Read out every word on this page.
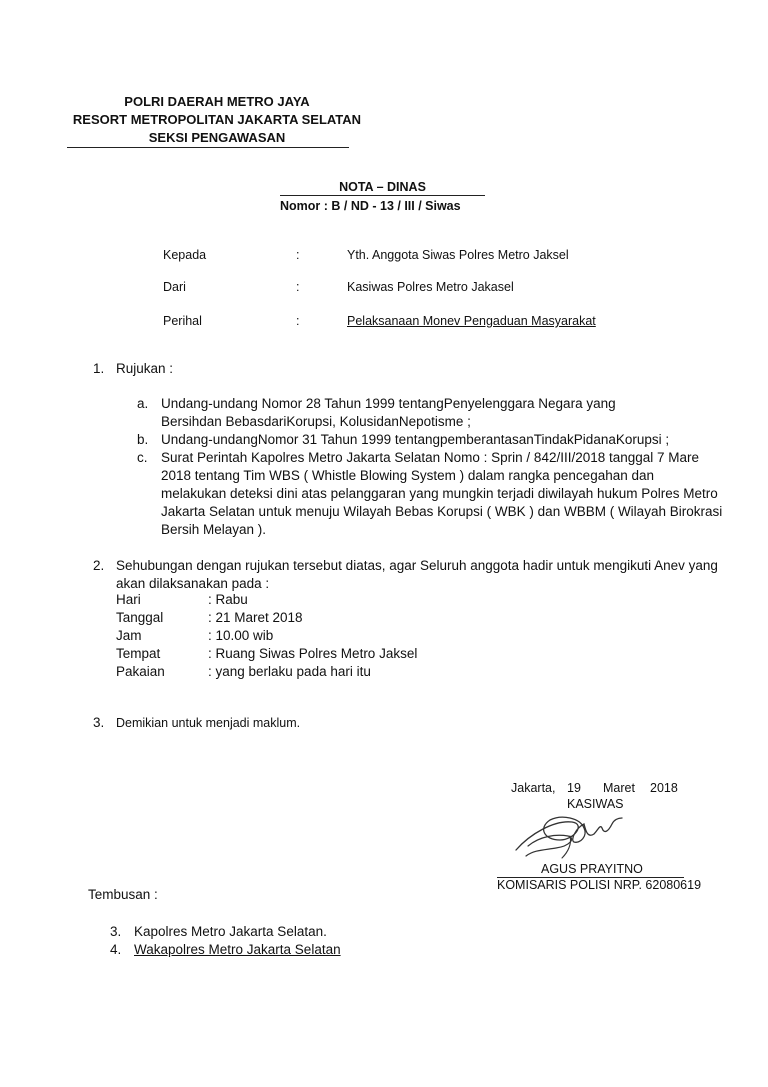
POLRI DAERAH METRO JAYA
RESORT METROPOLITAN JAKARTA SELATAN
SEKSI PENGAWASAN
NOTA – DINAS
Nomor : B / ND - 13 / III / Siwas
Kepada	:	Yth. Anggota Siwas Polres Metro Jaksel
Dari	:	Kasiwas Polres Metro Jakasel
Perihal	:	Pelaksanaan Monev Pengaduan Masyarakat
1. Rujukan :
a. Undang-undang Nomor 28 Tahun 1999 tentangPenyelenggara Negara yang
Bersihdan BebasdariKorupsi, KolusidanNepotisme ;
b. Undang-undangNomor 31 Tahun 1999 tentangpemberantasanTindakPidanaKorupsi ;
c. Surat Perintah Kapolres Metro Jakarta Selatan Nomo : Sprin / 842/III/2018 tanggal 7 Mare
2018 tentang Tim WBS ( Whistle Blowing System ) dalam rangka pencegahan dan
melakukan deteksi dini atas pelanggaran yang mungkin terjadi diwilayah hukum Polres Metro
Jakarta Selatan untuk menuju Wilayah Bebas Korupsi ( WBK ) dan WBBM ( Wilayah Birokrasi
Bersih Melayan ).
2. Sehubungan dengan rujukan tersebut diatas, agar Seluruh anggota hadir untuk mengikuti Anev yang
akan dilaksanakan pada :
Hari	: Rabu
Tanggal	: 21 Maret 2018
Jam	: 10.00 wib
Tempat	: Ruang Siwas Polres Metro Jaksel
Pakaian	: yang berlaku pada hari itu
3. Demikian untuk menjadi maklum.
Jakarta, 19 Maret 2018
KASIWAS
AGUS PRAYITNO
KOMISARIS POLISI NRP. 62080619
Tembusan :
3. Kapolres Metro Jakarta Selatan.
4. Wakapolres Metro Jakarta Selatan
